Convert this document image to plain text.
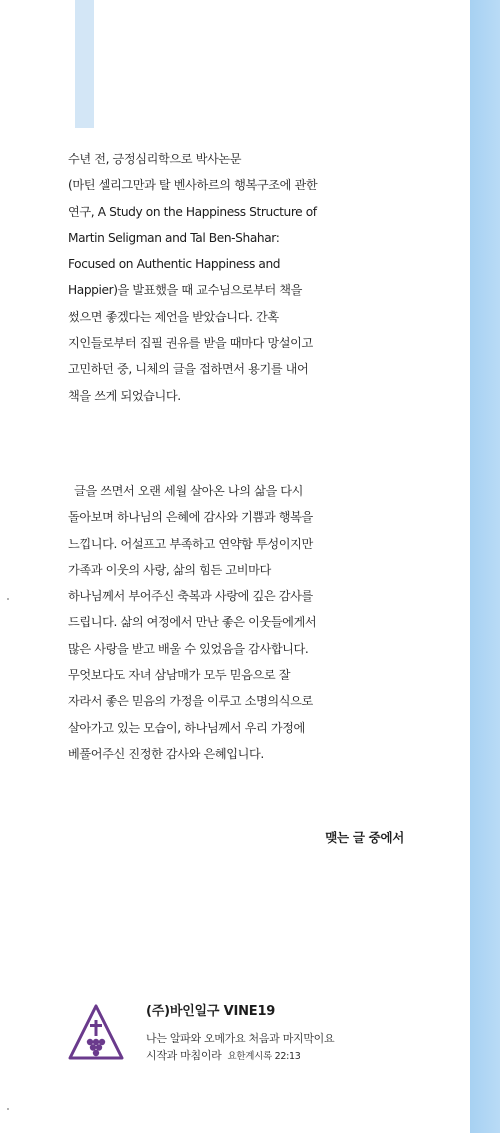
수년 전, 긍정심리학으로 박사논문
(마틴 셀리그만과 탈 벤사하르의 행복구조에 관한
연구, A Study on the Happiness Structure of
Martin Seligman and Tal Ben-Shahar:
Focused on Authentic Happiness and
Happier)을 발표했을 때 교수님으로부터 책을
썼으면 좋겠다는 제언을 받았습니다. 간혹
지인들로부터 집필 권유를 받을 때마다 망설이고
고민하던 중, 니체의 글을 접하면서 용기를 내어
책을 쓰게 되었습니다.

글을 쓰면서 오랜 세월 살아온 나의 삶을 다시
돌아보며 하나님의 은혜에 감사와 기쁨과 행복을
느낍니다. 어설프고 부족하고 연약함 투성이지만
가족과 이웃의 사랑, 삶의 힘든 고비마다
하나님께서 부어주신 축복과 사랑에 깊은 감사를
드립니다. 삶의 여정에서 만난 좋은 이웃들에게서
많은 사랑을 받고 배울 수 있었음을 감사합니다.
무엇보다도 자녀 삼남매가 모두 믿음으로 잘
자라서 좋은 믿음의 가정을 이루고 소명의식으로
살아가고 있는 모습이, 하나님께서 우리 가정에
베풀어주신 진정한 감사와 은혜입니다.
맺는 글 중에서
(주)바인일구 VINE19
나는 알파와 오메가요 처음과 마지막이요
시작과 마침이라 요한계시록 22:13
